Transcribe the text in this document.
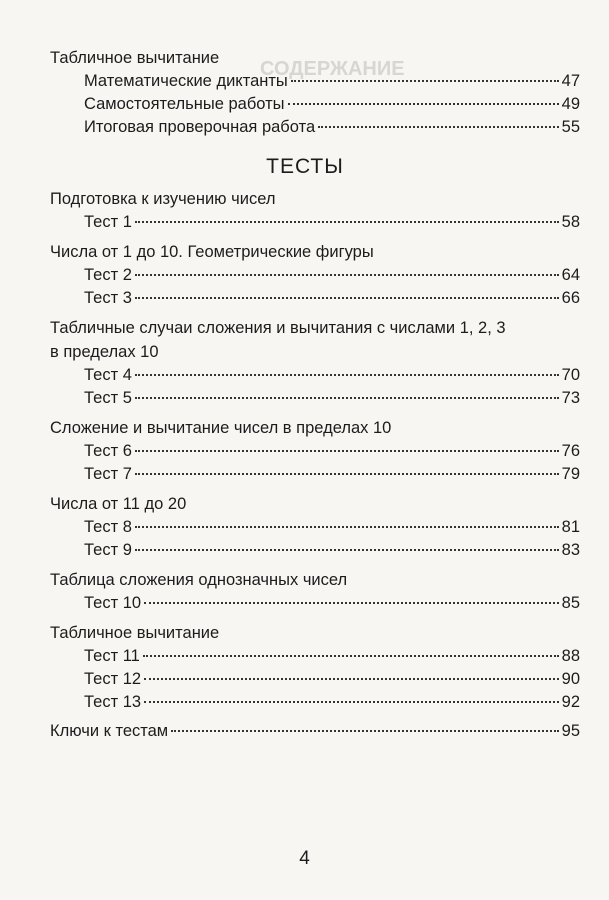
СОДЕРЖАНИЕ
Табличное вычитание
Математические диктанты	47
Самостоятельные работы	49
Итоговая проверочная работа	55
ТЕСТЫ
Подготовка к изучению чисел
Тест 1	58
Числа от 1 до 10. Геометрические фигуры
Тест 2	64
Тест 3	66
Табличные случаи сложения и вычитания с числами 1, 2, 3
в пределах 10
Тест 4	70
Тест 5	73
Сложение и вычитание чисел в пределах 10
Тест 6	76
Тест 7	79
Числа от 11 до 20
Тест 8	81
Тест 9	83
Таблица сложения однозначных чисел
Тест 10	85
Табличное вычитание
Тест 11	88
Тест 12	90
Тест 13	92
Ключи к тестам	95
4
